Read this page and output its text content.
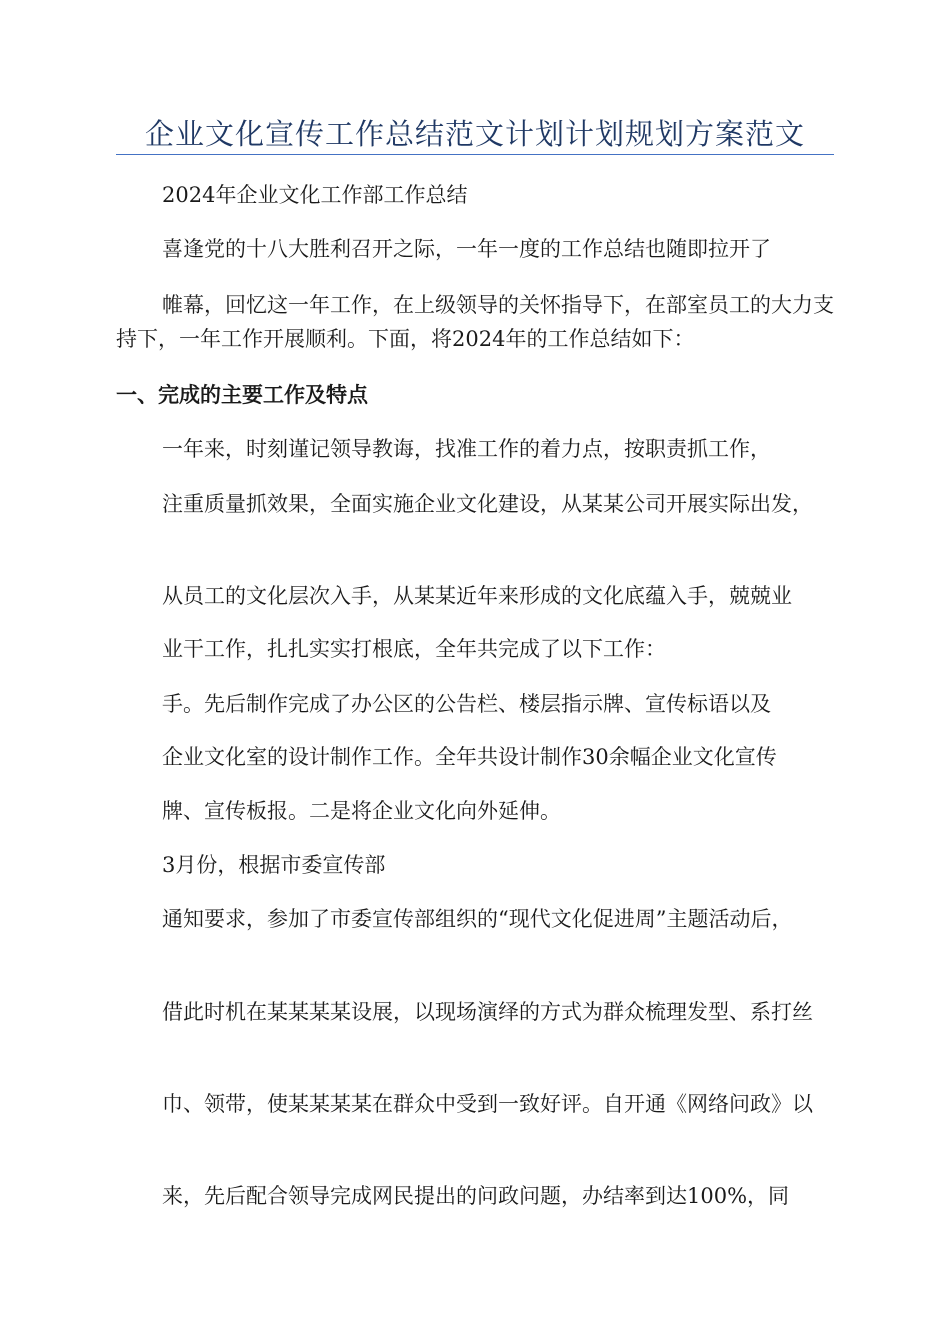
企业文化宣传工作总结范文计划计划规划方案范文
2024年企业文化工作部工作总结
喜逢党的十八大胜利召开之际，一年一度的工作总结也随即拉开了
帷幕，回忆这一年工作，在上级领导的关怀指导下，在部室员工的大力支持下，一年工作开展顺利。下面，将2024年的工作总结如下：
一、完成的主要工作及特点
一年来，时刻谨记领导教诲，找准工作的着力点，按职责抓工作，
注重质量抓效果，全面实施企业文化建设，从某某公司开展实际出发，
从员工的文化层次入手，从某某近年来形成的文化底蕴入手，兢兢业
业干工作，扎扎实实打根底，全年共完成了以下工作：
手。先后制作完成了办公区的公告栏、楼层指示牌、宣传标语以及
企业文化室的设计制作工作。全年共设计制作30余幅企业文化宣传
牌、宣传板报。二是将企业文化向外延伸。
3月份，根据市委宣传部
通知要求，参加了市委宣传部组织的“现代文化促进周”主题活动后，
借此时机在某某某某设展，以现场演绎的方式为群众梳理发型、系打丝
巾、领带，使某某某某在群众中受到一致好评。自开通《网络问政》以
来，先后配合领导完成网民提出的问政问题，办结率到达100%，同
